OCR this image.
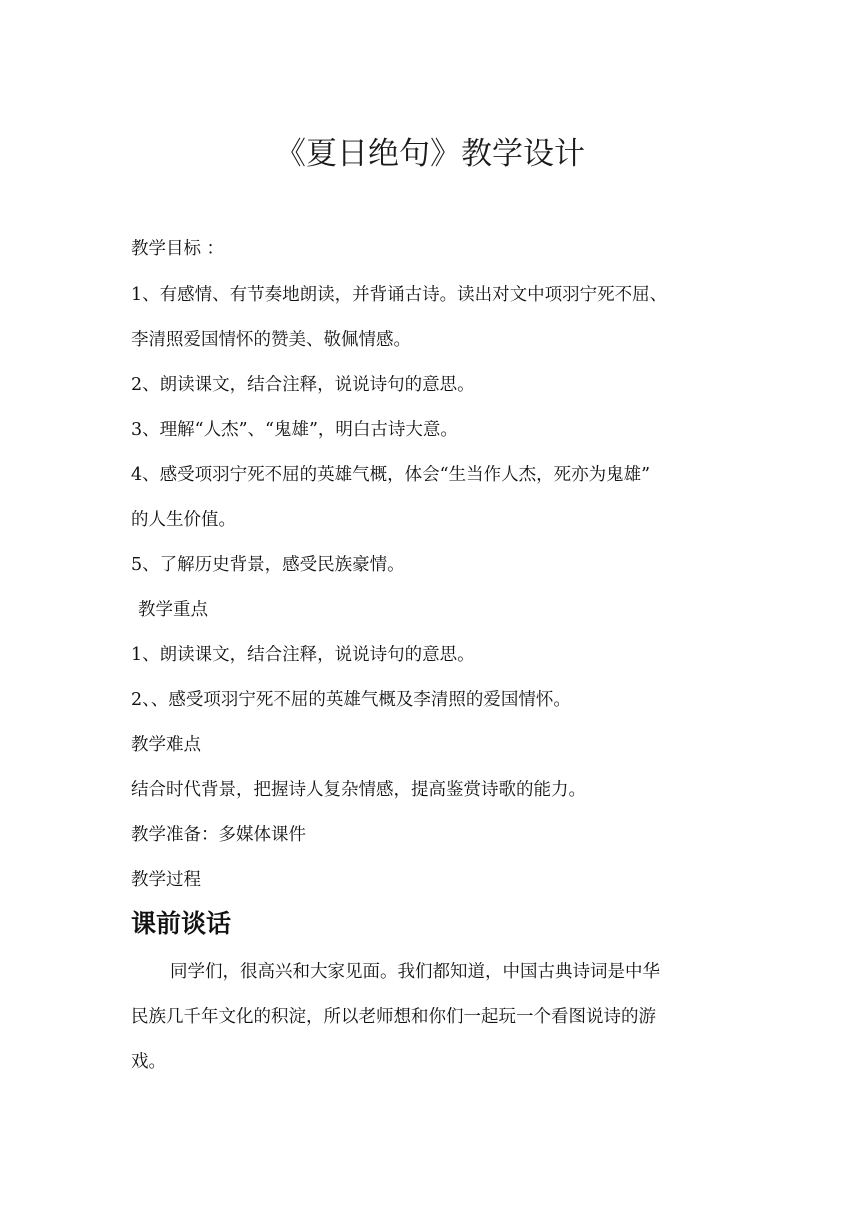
《夏日绝句》教学设计

教学目标 ：

1、有感情、有节奏地朗读，并背诵古诗。读出对文中项羽宁死不屈、

李清照爱国情怀的赞美、敬佩情感。

2、朗读课文，结合注释，说说诗句的意思。

3、理解“人杰”、“鬼雄”，明白古诗大意。

4、感受项羽宁死不屈的英雄气概，体会“生当作人杰，死亦为鬼雄”

的人生价值。

5、了解历史背景，感受民族豪情。

教学重点

1、朗读课文，结合注释，说说诗句的意思。

2、、感受项羽宁死不屈的英雄气概及李清照的爱国情怀。

教学难点

结合时代背景，把握诗人复杂情感，提高鉴赏诗歌的能力。

教学准备：多媒体课件

教学过程

课前谈话

同学们，很高兴和大家见面。我们都知道，中国古典诗词是中华

民族几千年文化的积淀，所以老师想和你们一起玩一个看图说诗的游

戏。
